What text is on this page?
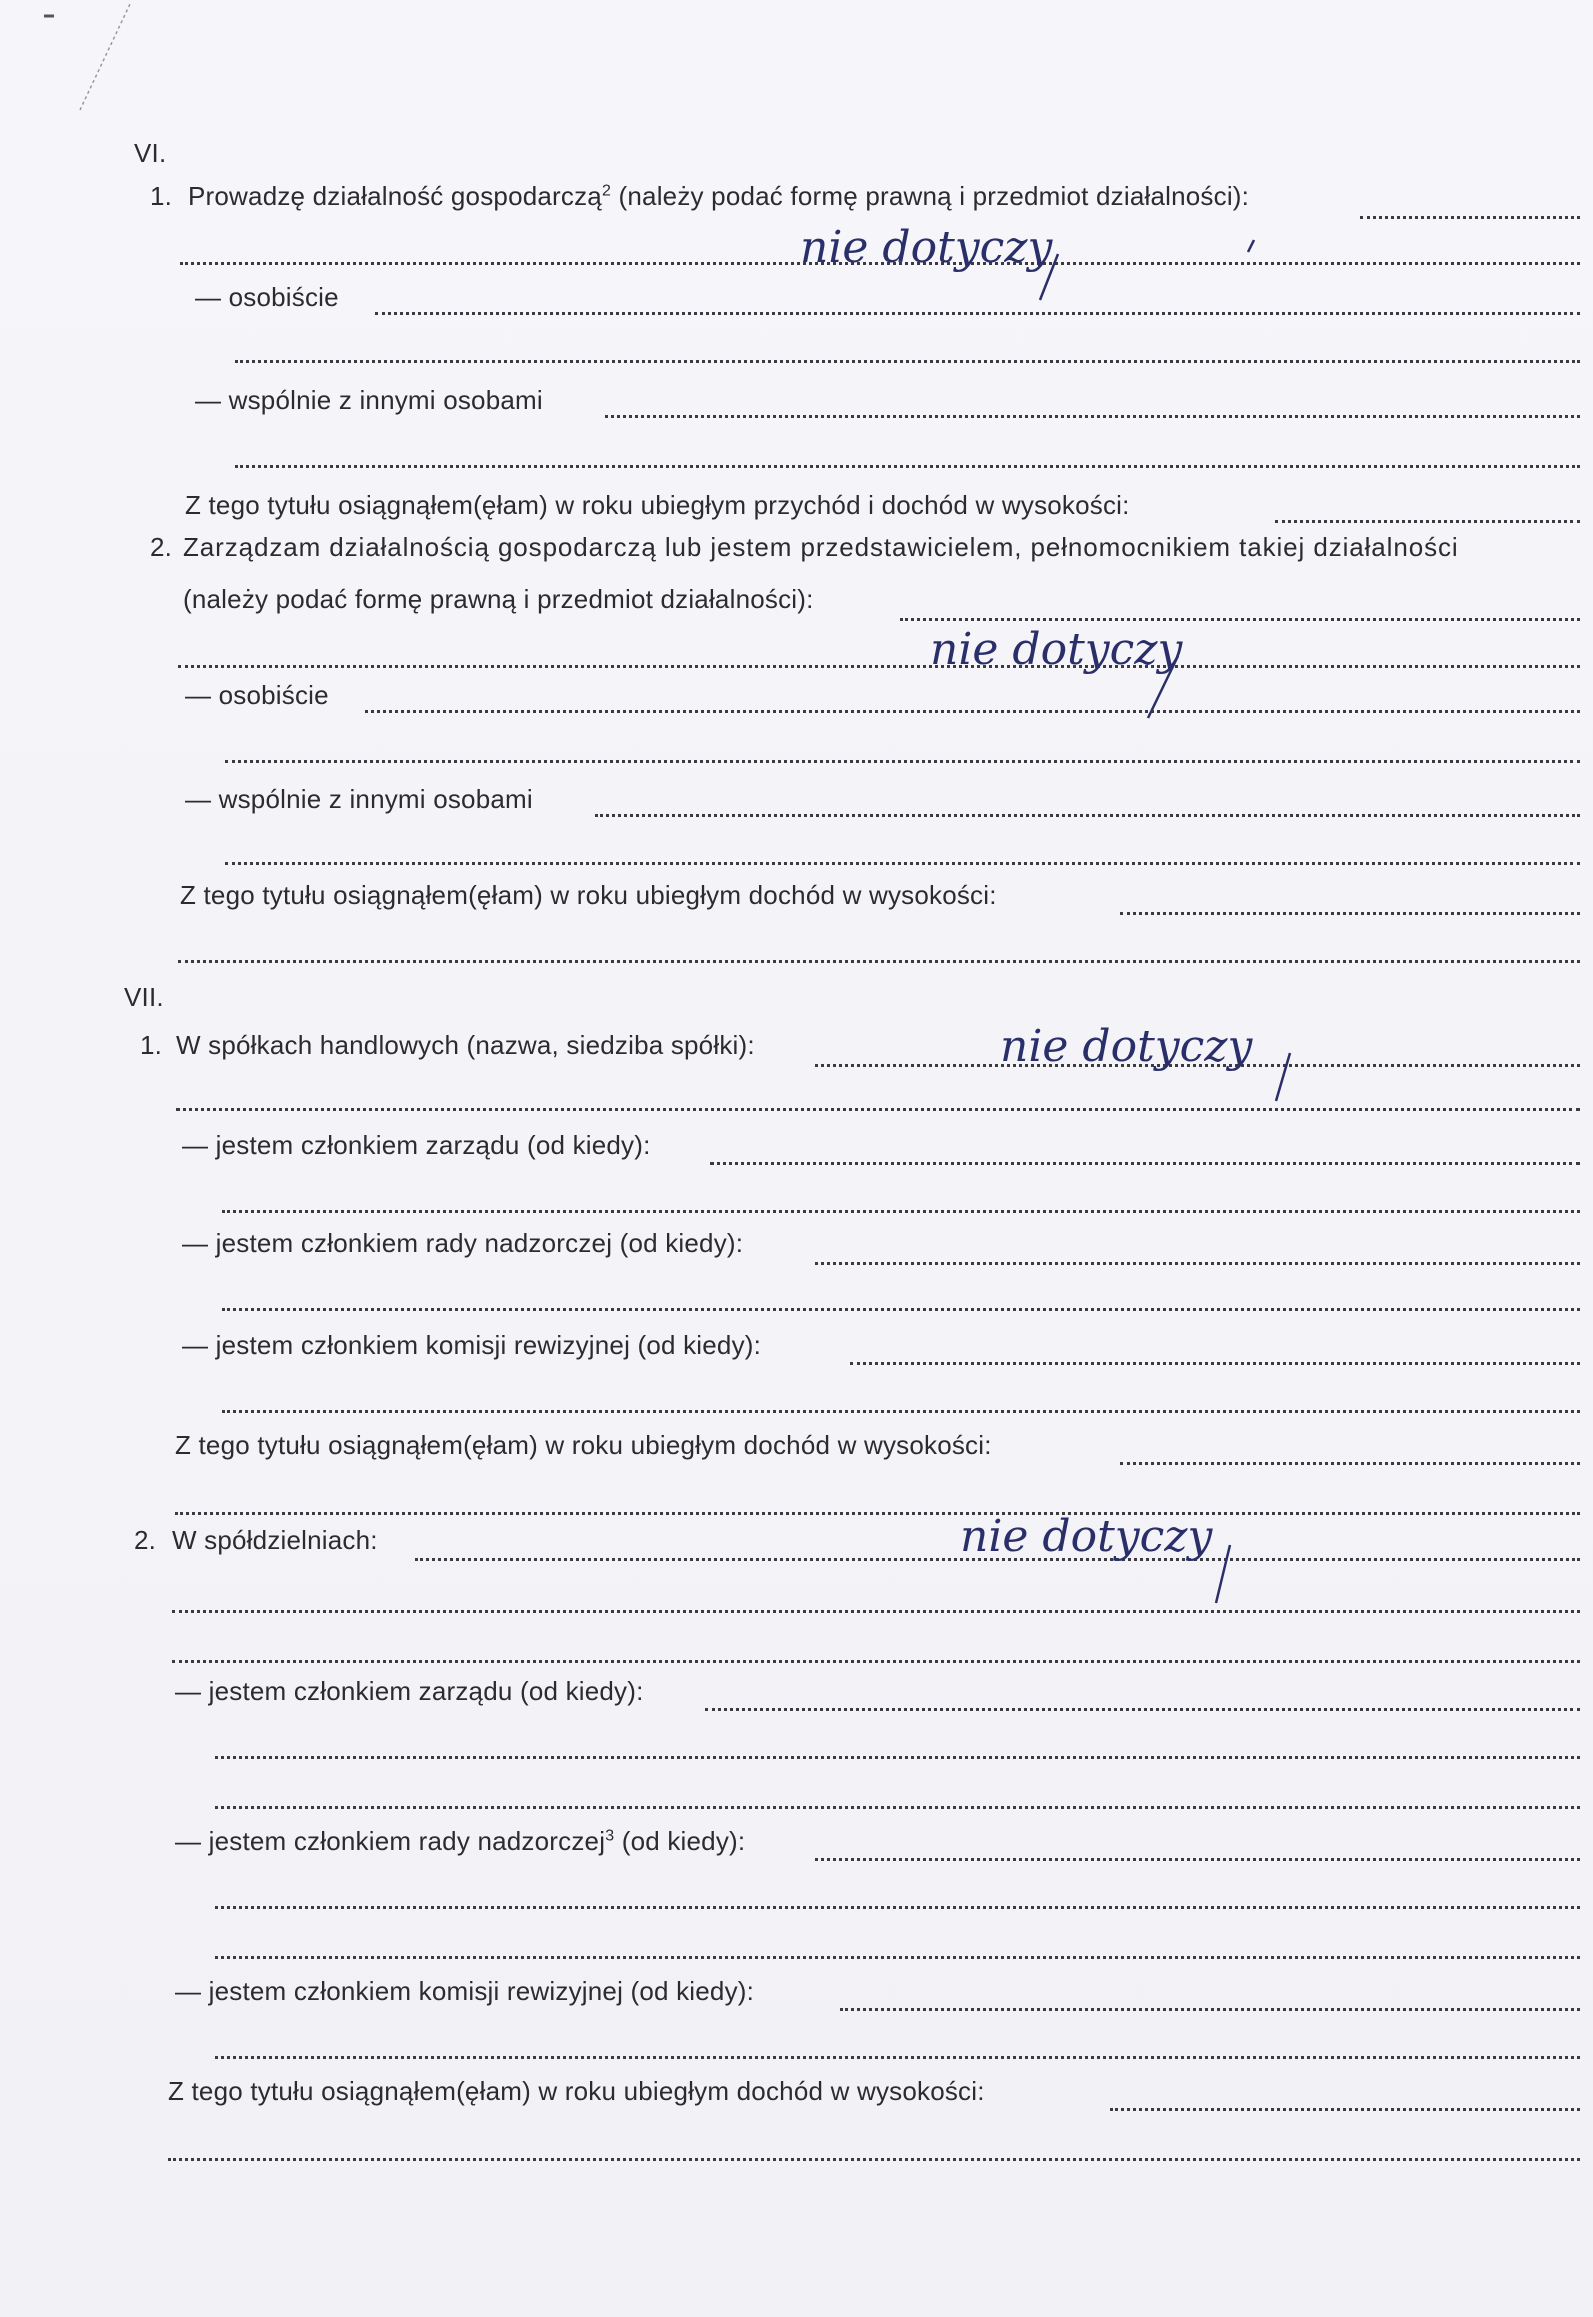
VI.
1. Prowadzę działalność gospodarczą$^2$ (należy podać formę prawną i przedmiot działalności):
nie dotyczy
— osobiście
— wspólnie z innymi osobami
Z tego tytułu osiągnąłem(ęłam) w roku ubiegłym przychód i dochód w wysokości:
2. Zarządzam działalnością gospodarczą lub jestem przedstawicielem, pełnomocnikiem takiej działalności
(należy podać formę prawną i przedmiot działalności):
nie dotyczy
— osobiście
— wspólnie z innymi osobami
Z tego tytułu osiągnąłem(ęłam) w roku ubiegłym dochód w wysokości:
VII.
1. W spółkach handlowych (nazwa, siedziba spółki):	nie dotyczy
— jestem członkiem zarządu (od kiedy):
— jestem członkiem rady nadzorczej (od kiedy):
— jestem członkiem komisji rewizyjnej (od kiedy):
Z tego tytułu osiągnąłem(ęłam) w roku ubiegłym dochód w wysokości:
2. W spółdzielniach:	nie dotyczy
— jestem członkiem zarządu (od kiedy):
— jestem członkiem rady nadzorczej$^3$ (od kiedy):
— jestem członkiem komisji rewizyjnej (od kiedy):
Z tego tytułu osiągnąłem(ęłam) w roku ubiegłym dochód w wysokości:
